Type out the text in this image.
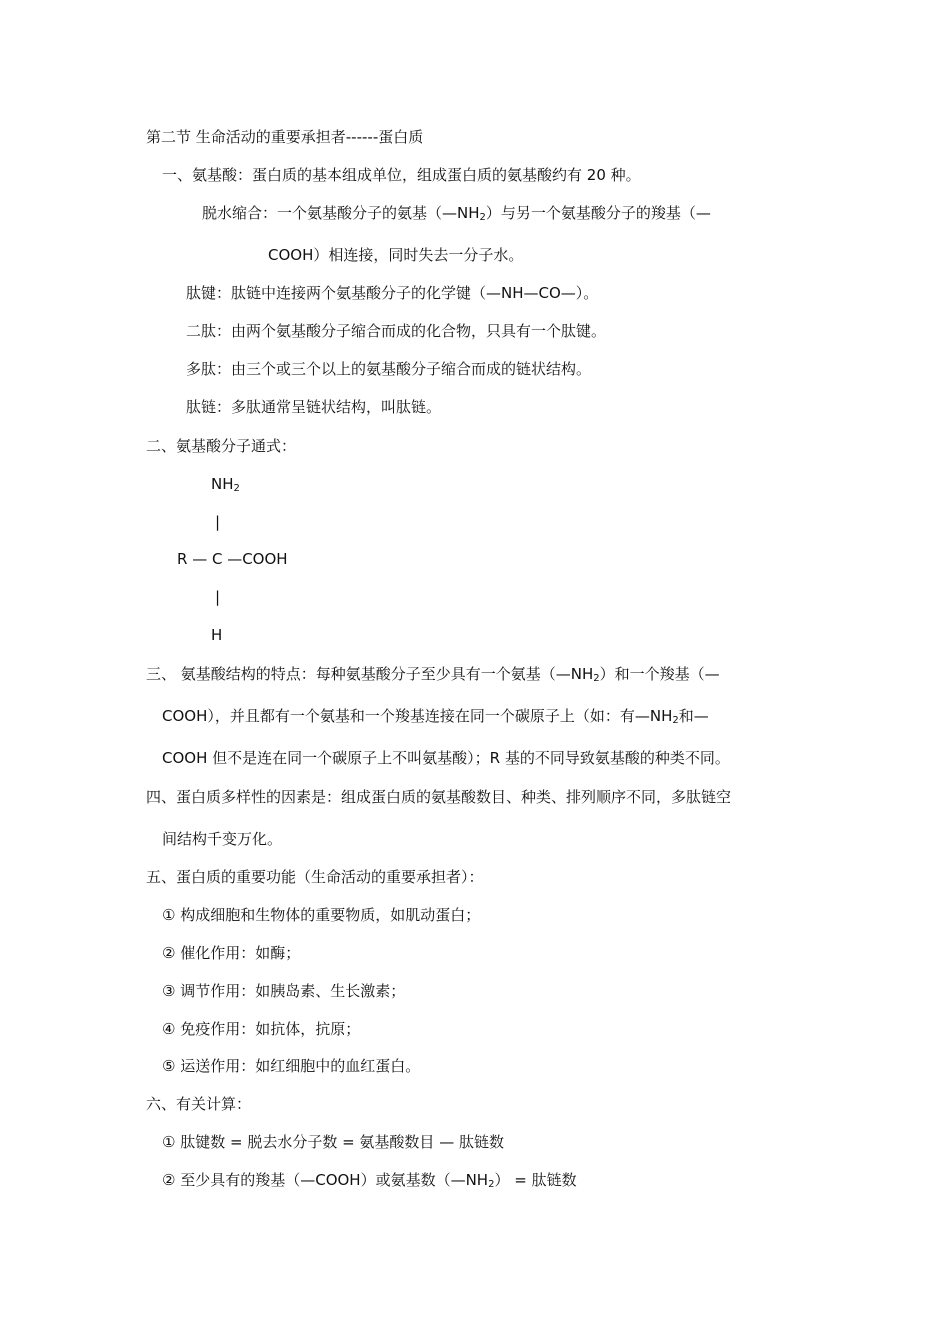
第二节 生命活动的重要承担者------蛋白质
一、氨基酸：蛋白质的基本组成单位，组成蛋白质的氨基酸约有 20 种。
脱水缩合：一个氨基酸分子的氨基$(—NH_2)$与另一个氨基酸分子的羧基（—
COOH）相连接，同时失去一分子水。
肽键：肽链中连接两个氨基酸分子的化学键（—NH—CO—）。
二肽：由两个氨基酸分子缩合而成的化合物，只具有一个肽键。
多肽：由三个或三个以上的氨基酸分子缩合而成的链状结构。
肽链：多肽通常呈链状结构，叫肽链。
二、氨基酸分子通式：
$NH_2$
|
R — C —COOH
|
H
三、 氨基酸结构的特点：每种氨基酸分子至少具有一个氨基$(—NH_2)$和一个羧基（—
COOH），并且都有一个氨基和一个羧基连接在同一个碳原子上（如：有$—NH_2$和—
COOH 但不是连在同一个碳原子上不叫氨基酸）；R 基的不同导致氨基酸的种类不同。
四、蛋白质多样性的因素是：组成蛋白质的氨基酸数目、种类、排列顺序不同，多肽链空
间结构千变万化。
五、蛋白质的重要功能（生命活动的重要承担者）：
① 构成细胞和生物体的重要物质，如肌动蛋白；
② 催化作用：如酶；
③ 调节作用：如胰岛素、生长激素；
④ 免疫作用：如抗体，抗原；
⑤ 运送作用：如红细胞中的血红蛋白。
六、有关计算：
① 肽键数 = 脱去水分子数 = 氨基酸数目 — 肽链数
② 至少具有的羧基（—COOH）或氨基数$(—NH_2)$ = 肽链数
